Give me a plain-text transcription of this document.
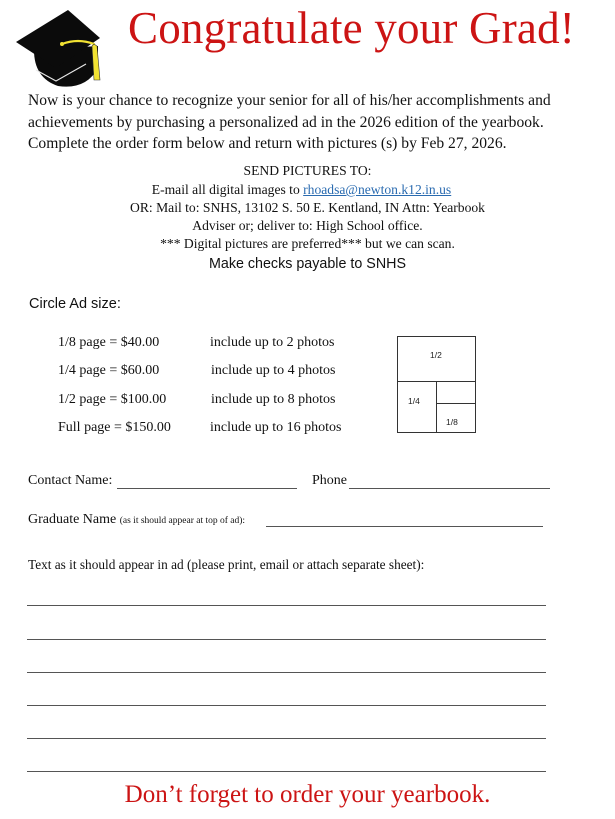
Congratulate your Grad!
Now is your chance to recognize your senior for all of his/her accomplishments and
achievements by purchasing a personalized ad in the 2026 edition of the yearbook.
Complete the order form below and return with pictures (s) by Feb 27, 2026.
SEND PICTURES TO:
E-mail all digital images to rhoadsa@newton.k12.in.us
OR: Mail to: SNHS, 13102 S. 50 E. Kentland, IN Attn: Yearbook
Adviser or; deliver to: High School office.
*** Digital pictures are preferred*** but we can scan.
Make checks payable to SNHS
Circle Ad size:
1/8 page = $40.00	include up to 2 photos
1/4 page = $60.00	include up to 4 photos
1/2 page = $100.00	include up to 8 photos
Full page = $150.00	include up to 16 photos
1/2
1/4
1/8
Contact Name:	Phone
Graduate Name (as it should appear at top of ad):
Text as it should appear in ad (please print, email or attach separate sheet):
Don’t forget to order your yearbook.
